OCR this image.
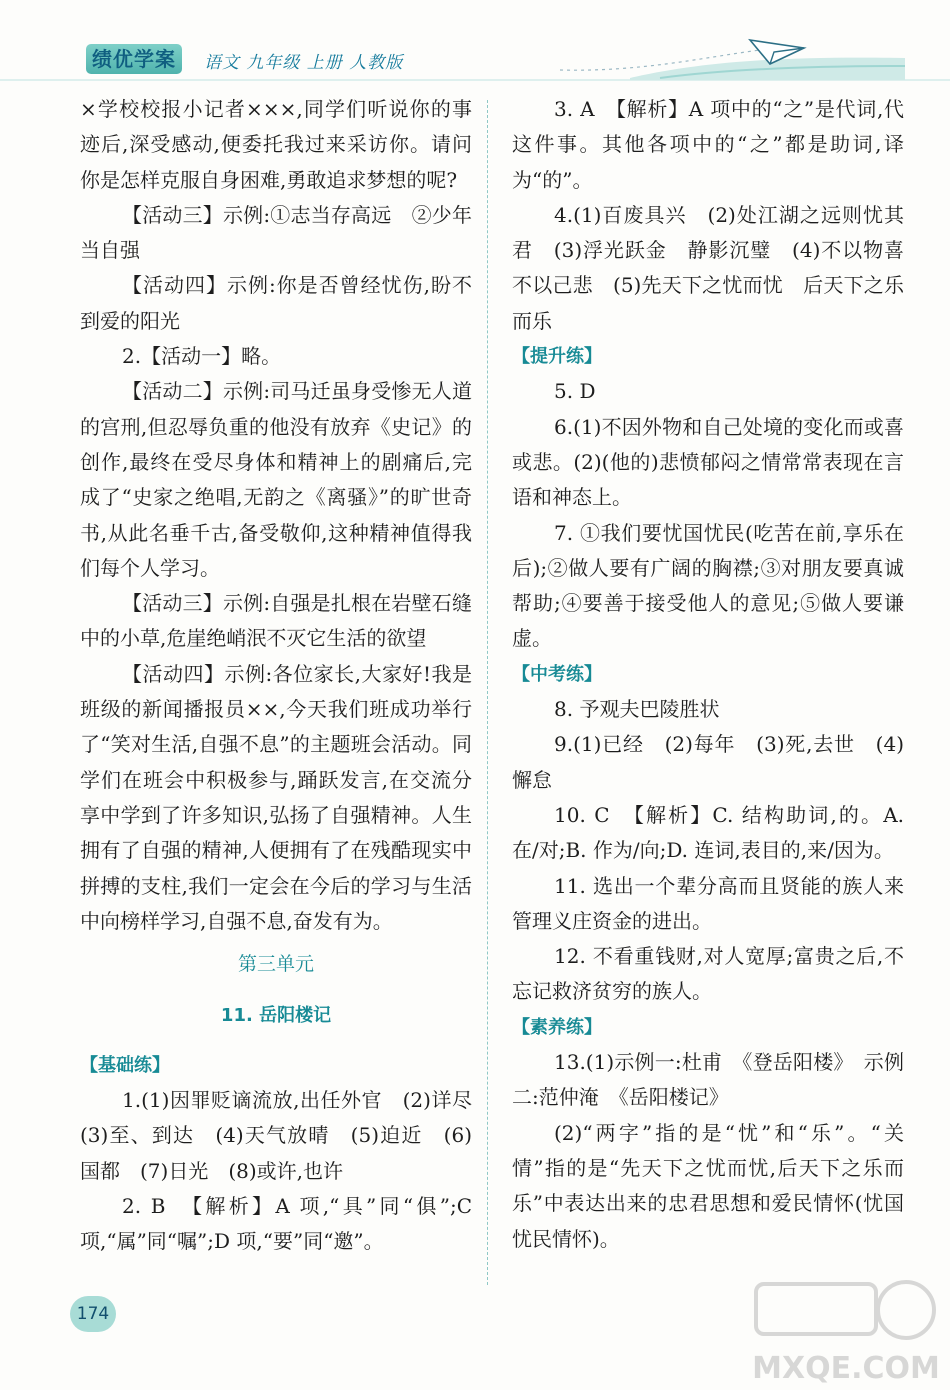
绩优学案	语文 九年级 上册 人教版

×学校校报小记者×××,同学们听说你的事迹后,深受感动,便委托我过来采访你。请问你是怎样克服自身困难,勇敢追求梦想的呢?

【活动三】示例:①志当存高远　②少年当自强

【活动四】示例:你是否曾经忧伤,盼不到爱的阳光

2.【活动一】略。

【活动二】示例:司马迁虽身受惨无人道的宫刑,但忍辱负重的他没有放弃《史记》的创作,最终在受尽身体和精神上的剧痛后,完成了“史家之绝唱,无韵之《离骚》”的旷世奇书,从此名垂千古,备受敬仰,这种精神值得我们每个人学习。

【活动三】示例:自强是扎根在岩壁石缝中的小草,危崖绝峭泯不灭它生活的欲望

【活动四】示例:各位家长,大家好!我是班级的新闻播报员××,今天我们班成功举行了“笑对生活,自强不息”的主题班会活动。同学们在班会中积极参与,踊跃发言,在交流分享中学到了许多知识,弘扬了自强精神。人生拥有了自强的精神,人便拥有了在残酷现实中拼搏的支柱,我们一定会在今后的学习与生活中向榜样学习,自强不息,奋发有为。

第三单元

11. 岳阳楼记

【基础练】

1.(1)因罪贬谪流放,出任外官　(2)详尽　(3)至、到达　(4)天气放晴　(5)迫近　(6)国都　(7)日光　(8)或许,也许

2. B　【解析】A 项,“具”同“俱”;C 项,“属”同“嘱”;D 项,“要”同“邀”。

3. A　【解析】A 项中的“之”是代词,代这件事。其他各项中的“之”都是助词,译为“的”。

4.(1)百废具兴　(2)处江湖之远则忧其君　(3)浮光跃金　静影沉璧　(4)不以物喜　不以己悲　(5)先天下之忧而忧　后天下之乐而乐

【提升练】

5. D

6.(1)不因外物和自己处境的变化而或喜或悲。(2)(他的)悲愤郁闷之情常常表现在言语和神态上。

7. ①我们要忧国忧民(吃苦在前,享乐在后);②做人要有广阔的胸襟;③对朋友要真诚帮助;④要善于接受他人的意见;⑤做人要谦虚。

【中考练】

8. 予观夫巴陵胜状

9.(1)已经　(2)每年　(3)死,去世　(4)懈怠

10. C　【解析】C. 结构助词,的。A. 在/对;B. 作为/向;D. 连词,表目的,来/因为。

11. 选出一个辈分高而且贤能的族人来管理义庄资金的进出。

12. 不看重钱财,对人宽厚;富贵之后,不忘记救济贫穷的族人。

【素养练】

13.(1)示例一:杜甫　《登岳阳楼》　示例二:范仲淹　《岳阳楼记》

(2)“两字”指的是“忧”和“乐”。“关情”指的是“先天下之忧而忧,后天下之乐而乐”中表达出来的忠君思想和爱民情怀(忧国忧民情怀)。

174
MXQE.COM
